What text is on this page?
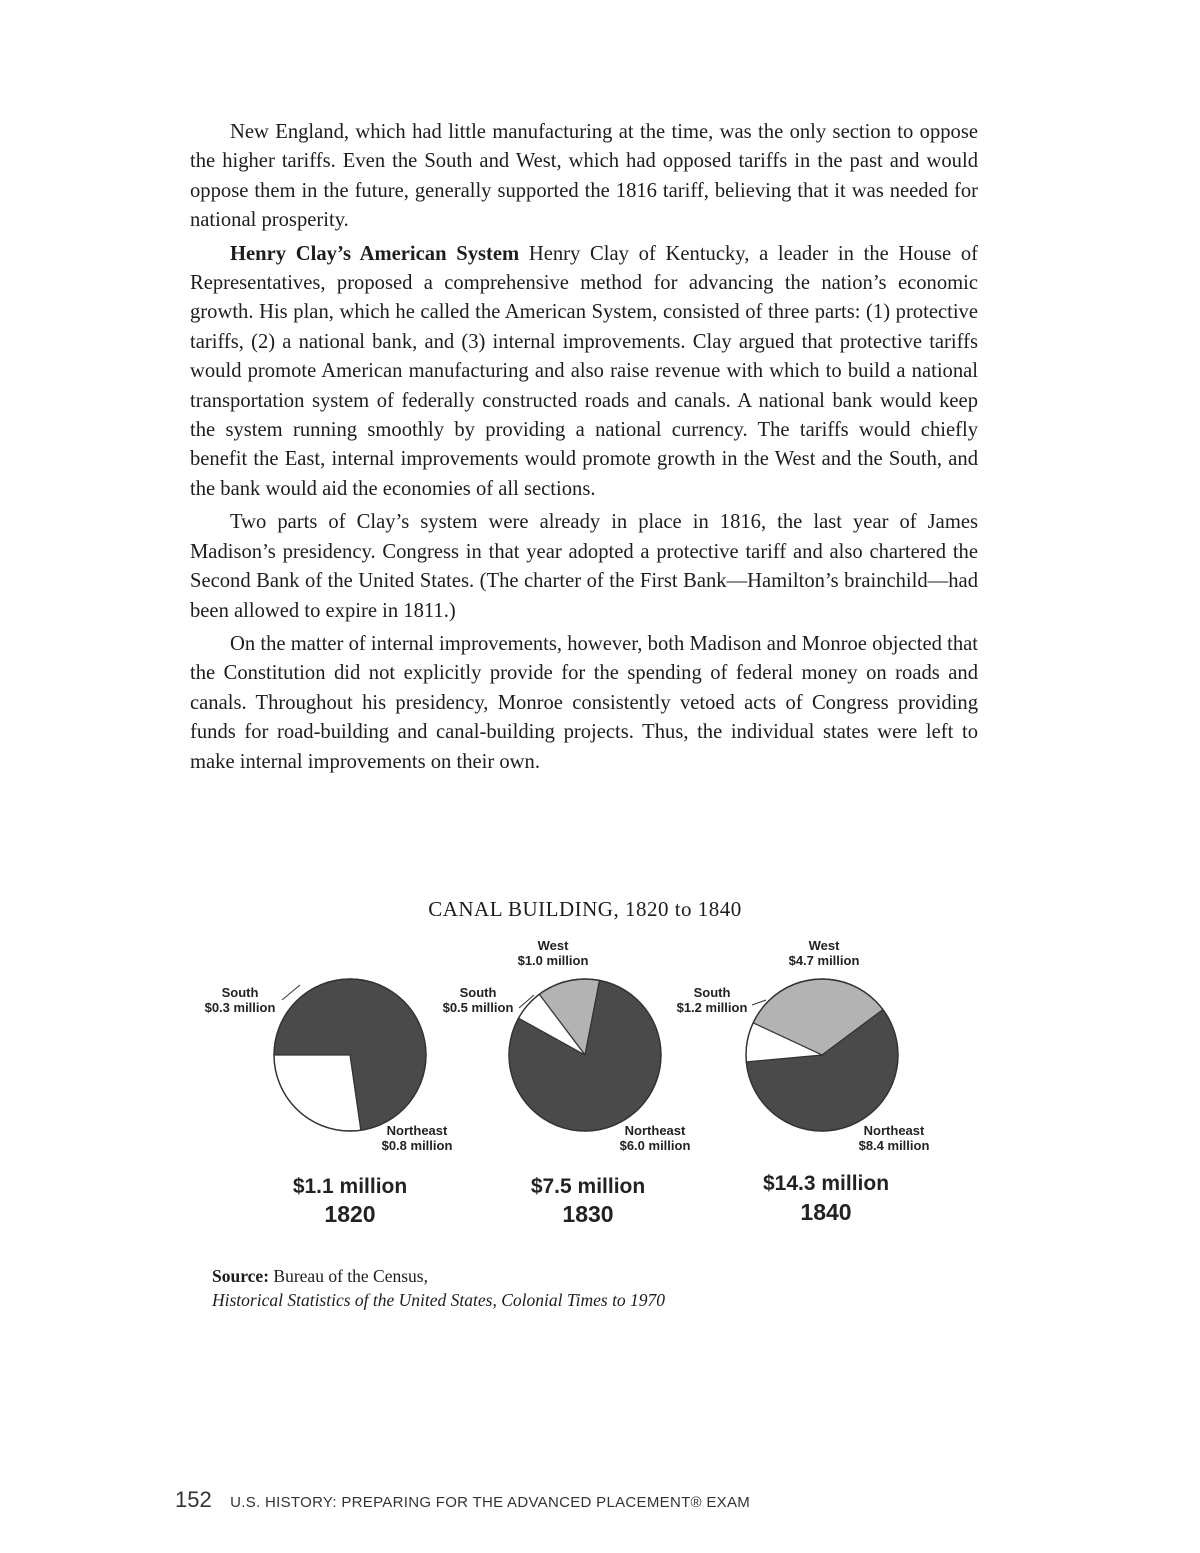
New England, which had little manufacturing at the time, was the only section to oppose the higher tariffs. Even the South and West, which had opposed tariffs in the past and would oppose them in the future, generally supported the 1816 tariff, believing that it was needed for national prosperity.

Henry Clay’s American System Henry Clay of Kentucky, a leader in the House of Representatives, proposed a comprehensive method for advancing the nation’s economic growth. His plan, which he called the American System, consisted of three parts: (1) protective tariffs, (2) a national bank, and (3) internal improvements. Clay argued that protective tariffs would promote American manufacturing and also raise revenue with which to build a national transportation system of federally constructed roads and canals. A national bank would keep the system running smoothly by providing a national currency. The tariffs would chiefly benefit the East, internal improvements would promote growth in the West and the South, and the bank would aid the economies of all sections.

Two parts of Clay’s system were already in place in 1816, the last year of James Madison’s presidency. Congress in that year adopted a protective tariff and also chartered the Second Bank of the United States. (The charter of the First Bank—Hamilton’s brainchild—had been allowed to expire in 1811.)

On the matter of internal improvements, however, both Madison and Monroe objected that the Constitution did not explicitly provide for the spending of federal money on roads and canals. Throughout his presidency, Monroe consistently vetoed acts of Congress providing funds for road-building and canal-building projects. Thus, the individual states were left to make internal improvements on their own.

CANAL BUILDING, 1820 to 1840
Northeast
$0.8 million
South
$0.3 million
$1.1 million
1820
West
$1.0 million
Northeast
$6.0 million
South
$0.5 million
$7.5 million
1830
West
$4.7 million
Northeast
$8.4 million
South
$1.2 million
$14.3 million
1840
Source: Bureau of the Census,
Historical Statistics of the United States, Colonial Times to 1970
152 U.S. HISTORY: PREPARING FOR THE ADVANCED PLACEMENT® EXAM
